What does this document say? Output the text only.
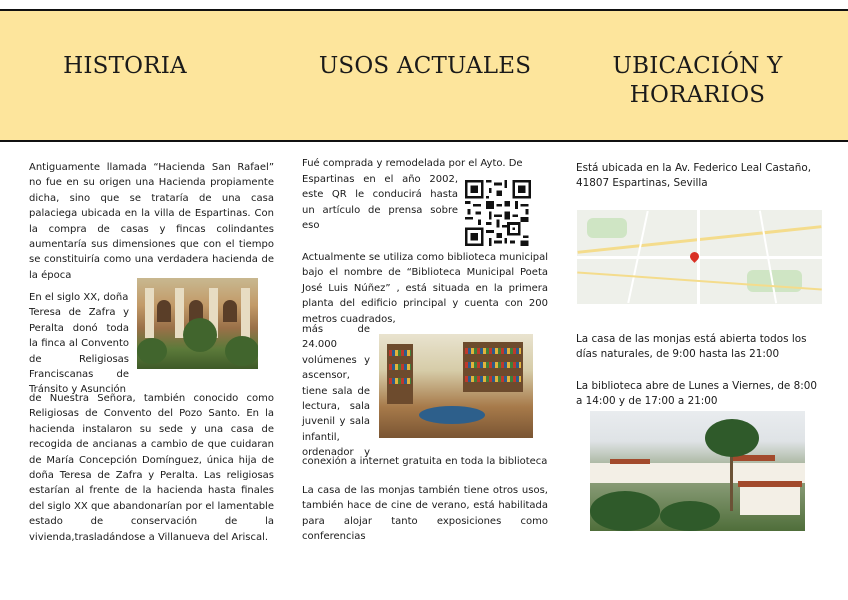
HISTORIA	USOS ACTUALES	UBICACIÓN Y
HORARIOS

Antiguamente llamada “Hacienda San Rafael” no fue en su origen una Hacienda propiamente dicha, sino que se trataría de una casa palaciega ubicada en la villa de Espartinas. Con la compra de casas y fincas colindantes aumentaría sus dimensiones que con el tiempo se constituiría como una verdadera hacienda de la época

En el siglo XX, doña
Teresa de Zafra y
Peralta donó toda
la finca al Convento
de Religiosas
Franciscanas de
Tránsito y Asunción

de Nuestra Señora, también conocido como Religiosas de Convento del Pozo Santo. En la hacienda instalaron su sede y una casa de recogida de ancianas a cambio de que cuidaran de María Concepción Domínguez, única hija de doña Teresa de Zafra y Peralta. Las religiosas estarían al frente de la hacienda hasta finales del siglo XX que abandonarían por el lamentable estado de conservación de la vivienda,trasladándose a Villanueva del Ariscal.

Fué comprada y remodelada por el Ayto. De
Espartinas en el año 2002,
este QR le conducirá hasta
un artículo de prensa sobre
eso

Actualmente se utiliza como biblioteca municipal bajo el nombre de “Biblioteca Municipal Poeta José Luis Núñez” , está situada en la primera planta del edificio principal y cuenta con 200 metros cuadrados,

más de
24.000
volúmenes y
ascensor,
tiene sala de
lectura, sala
juvenil y sala
infantil,
ordenador y

conexión a internet gratuita en toda la biblioteca

La casa de las monjas también tiene otros usos, también hace de cine de verano, está habilitada para alojar tanto exposiciones como conferencias

Está ubicada en la Av. Federico Leal Castaño, 41807 Espartinas, Sevilla

La casa de las monjas está abierta todos los días naturales, de 9:00 hasta las 21:00

La biblioteca abre de Lunes a Viernes, de 8:00 a 14:00 y de 17:00 a 21:00
